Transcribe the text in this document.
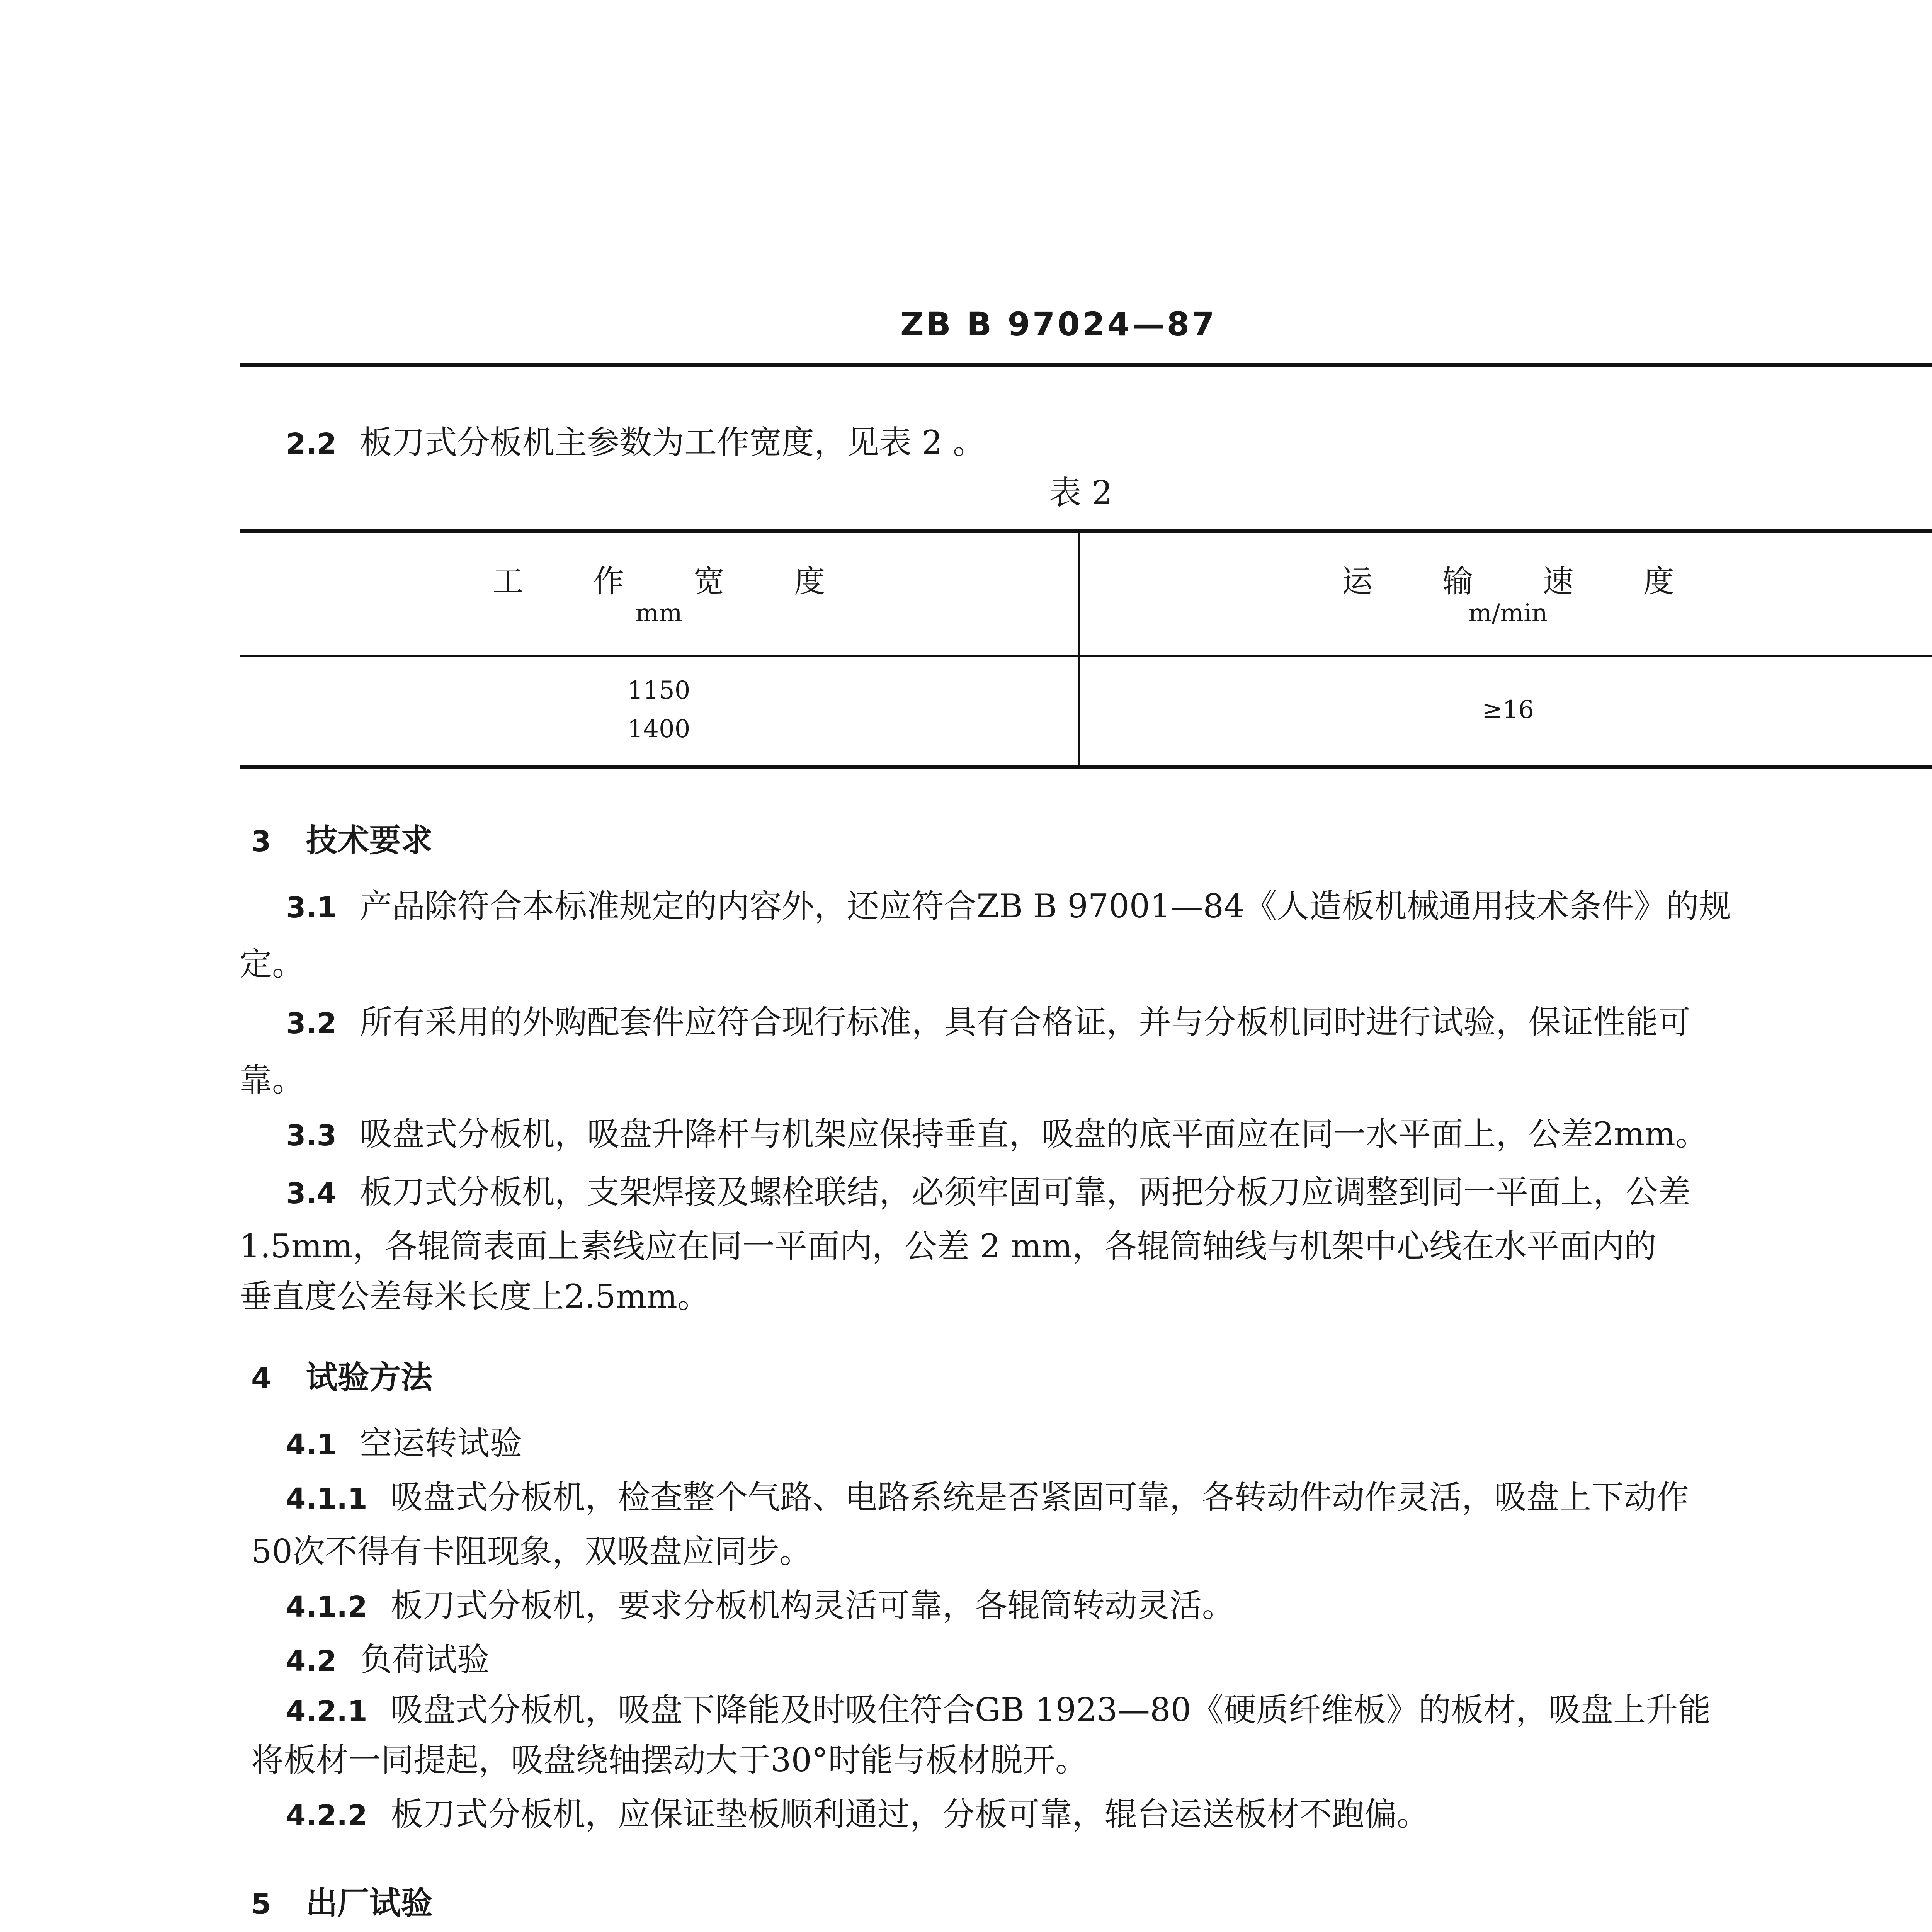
ZB B 97024—87
2.2 板刀式分板机主参数为工作宽度，见表 2 。
表 2
工作宽度
mm
运输速度
m/min
1150
1400
≥16
3 技术要求
3.1 产品除符合本标准规定的内容外，还应符合ZB B 97001—84《人造板机械通用技术条件》的规
定。
3.2 所有采用的外购配套件应符合现行标准，具有合格证，并与分板机同时进行试验，保证性能可
靠。
3.3 吸盘式分板机，吸盘升降杆与机架应保持垂直，吸盘的底平面应在同一水平面上，公差2mm。
3.4 板刀式分板机，支架焊接及螺栓联结，必须牢固可靠，两把分板刀应调整到同一平面上，公差
1.5mm，各辊筒表面上素线应在同一平面内，公差 2 mm，各辊筒轴线与机架中心线在水平面内的
垂直度公差每米长度上2.5mm。
4 试验方法
4.1 空运转试验
4.1.1 吸盘式分板机，检查整个气路、电路系统是否紧固可靠，各转动件动作灵活，吸盘上下动作
50次不得有卡阻现象，双吸盘应同步。
4.1.2 板刀式分板机，要求分板机构灵活可靠，各辊筒转动灵活。
4.2 负荷试验
4.2.1 吸盘式分板机，吸盘下降能及时吸住符合GB 1923—80《硬质纤维板》的板材，吸盘上升能
将板材一同提起，吸盘绕轴摆动大于30°时能与板材脱开。
4.2.2 板刀式分板机，应保证垫板顺利通过，分板可靠，辊台运送板材不跑偏。
5 出厂试验
